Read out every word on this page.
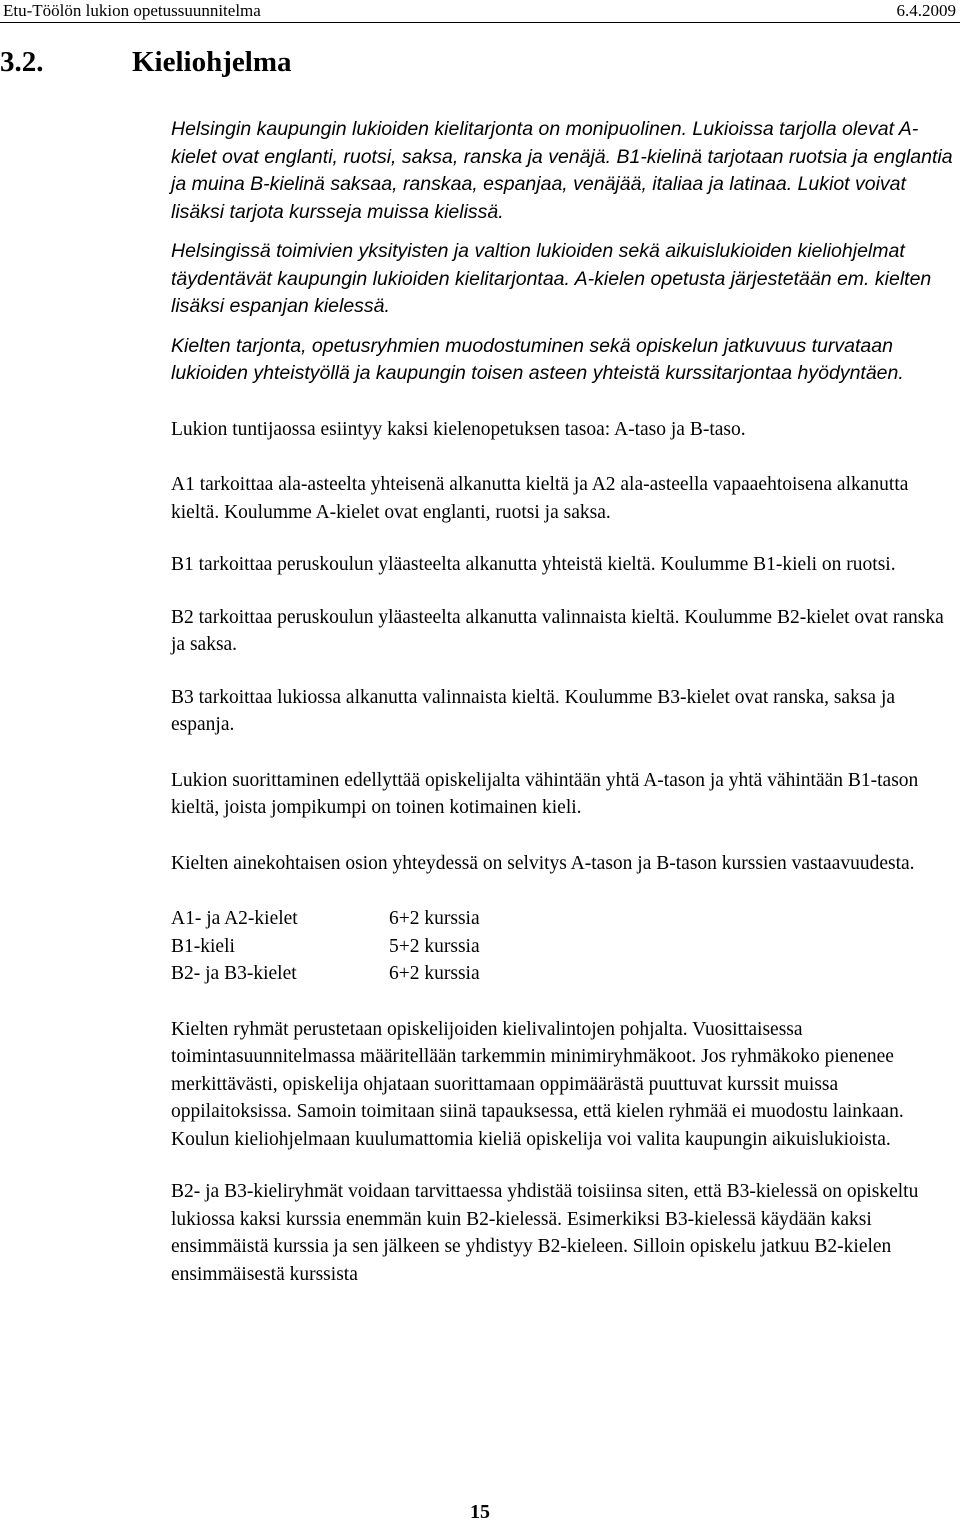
Etu-Töölön lukion opetussuunnitelma	6.4.2009
3.2.	Kieliohjelma

Helsingin kaupungin lukioiden kielitarjonta on monipuolinen. Lukioissa tarjolla olevat A-kielet ovat englanti, ruotsi, saksa, ranska ja venäjä. B1-kielinä tarjotaan ruotsia ja englantia ja muina B-kielinä saksaa, ranskaa, espanjaa, venäjää, italiaa ja latinaa. Lukiot voivat lisäksi tarjota kursseja muissa kielissä.

Helsingissä toimivien yksityisten ja valtion lukioiden sekä aikuislukioiden kieliohjelmat täydentävät kaupungin lukioiden kielitarjontaa. A-kielen opetusta järjestetään em. kielten lisäksi espanjan kielessä.

Kielten tarjonta, opetusryhmien muodostuminen sekä opiskelun jatkuvuus turvataan lukioiden yhteistyöllä ja kaupungin toisen asteen yhteistä kurssitarjontaa hyödyntäen.

Lukion tuntijaossa esiintyy kaksi kielenopetuksen tasoa: A-taso ja B-taso.

A1 tarkoittaa ala-asteelta yhteisenä alkanutta kieltä ja A2 ala-asteella vapaaehtoisena alkanutta kieltä. Koulumme A-kielet ovat englanti, ruotsi ja saksa.

B1 tarkoittaa peruskoulun yläasteelta alkanutta yhteistä kieltä. Koulumme B1-kieli on ruotsi.

B2 tarkoittaa peruskoulun yläasteelta alkanutta valinnaista kieltä. Koulumme B2-kielet ovat ranska ja saksa.

B3 tarkoittaa lukiossa alkanutta valinnaista kieltä. Koulumme B3-kielet ovat ranska, saksa ja espanja.

Lukion suorittaminen edellyttää opiskelijalta vähintään yhtä A-tason ja yhtä vähintään B1-tason kieltä, joista jompikumpi on toinen kotimainen kieli.

Kielten ainekohtaisen osion yhteydessä on selvitys A-tason ja B-tason kurssien vastaavuudesta.

A1- ja A2-kielet	6+2 kurssia
B1-kieli	5+2 kurssia
B2- ja B3-kielet	6+2 kurssia

Kielten ryhmät perustetaan opiskelijoiden kielivalintojen pohjalta. Vuosittaisessa toimintasuunnitelmassa määritellään tarkemmin minimiryhmäkoot. Jos ryhmäkoko pienenee merkittävästi, opiskelija ohjataan suorittamaan oppimäärästä puuttuvat kurssit muissa oppilaitoksissa. Samoin toimitaan siinä tapauksessa, että kielen ryhmää ei muodostu lainkaan. Koulun kieliohjelmaan kuulumattomia kieliä opiskelija voi valita kaupungin aikuislukioista.

B2- ja B3-kieliryhmät voidaan tarvittaessa yhdistää toisiinsa siten, että B3-kielessä on opiskeltu lukiossa kaksi kurssia enemmän kuin B2-kielessä. Esimerkiksi B3-kielessä käydään kaksi ensimmäistä kurssia ja sen jälkeen se yhdistyy B2-kieleen. Silloin opiskelu jatkuu B2-kielen ensimmäisestä kurssista

15
